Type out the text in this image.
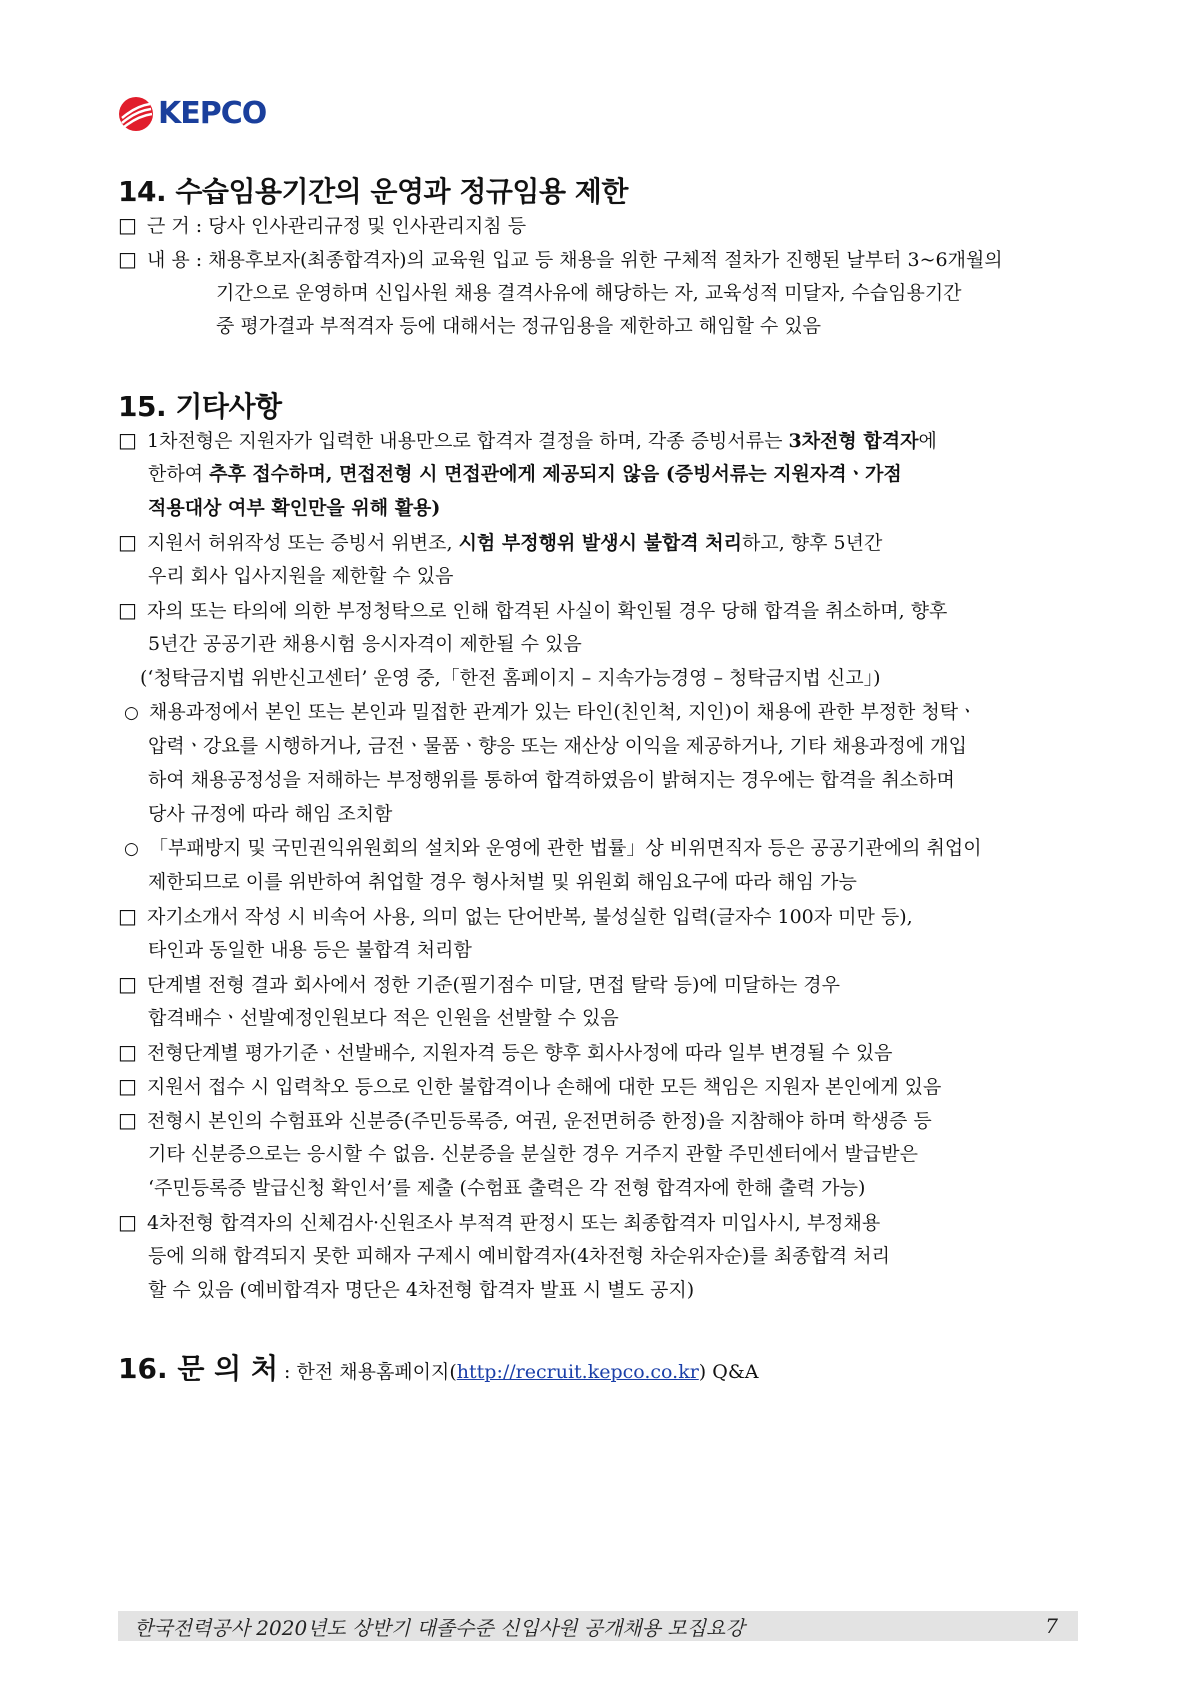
KEPCO
14. 수습임용기간의 운영과 정규임용 제한
□ 근 거 : 당사 인사관리규정 및 인사관리지침 등
□ 내 용 : 채용후보자(최종합격자)의 교육원 입교 등 채용을 위한 구체적 절차가 진행된 날부터 3~6개월의
기간으로 운영하며 신입사원 채용 결격사유에 해당하는 자, 교육성적 미달자, 수습임용기간
중 평가결과 부적격자 등에 대해서는 정규임용을 제한하고 해임할 수 있음
15. 기타사항
□ 1차전형은 지원자가 입력한 내용만으로 합격자 결정을 하며, 각종 증빙서류는 3차전형 합격자에
한하여 추후 접수하며, 면접전형 시 면접관에게 제공되지 않음 (증빙서류는 지원자격ㆍ가점
적용대상 여부 확인만을 위해 활용)
□ 지원서 허위작성 또는 증빙서 위변조, 시험 부정행위 발생시 불합격 처리하고, 향후 5년간
우리 회사 입사지원을 제한할 수 있음
□ 자의 또는 타의에 의한 부정청탁으로 인해 합격된 사실이 확인될 경우 당해 합격을 취소하며, 향후
5년간 공공기관 채용시험 응시자격이 제한될 수 있음
(‘청탁금지법 위반신고센터’ 운영 중,「한전 홈페이지 – 지속가능경영 – 청탁금지법 신고」)
○ 채용과정에서 본인 또는 본인과 밀접한 관계가 있는 타인(친인척, 지인)이 채용에 관한 부정한 청탁ㆍ
압력ㆍ강요를 시행하거나, 금전ㆍ물품ㆍ향응 또는 재산상 이익을 제공하거나, 기타 채용과정에 개입
하여 채용공정성을 저해하는 부정행위를 통하여 합격하였음이 밝혀지는 경우에는 합격을 취소하며
당사 규정에 따라 해임 조치함
○ 「부패방지 및 국민권익위원회의 설치와 운영에 관한 법률」상 비위면직자 등은 공공기관에의 취업이
제한되므로 이를 위반하여 취업할 경우 형사처벌 및 위원회 해임요구에 따라 해임 가능
□ 자기소개서 작성 시 비속어 사용, 의미 없는 단어반복, 불성실한 입력(글자수 100자 미만 등),
타인과 동일한 내용 등은 불합격 처리함
□ 단계별 전형 결과 회사에서 정한 기준(필기점수 미달, 면접 탈락 등)에 미달하는 경우
합격배수ㆍ선발예정인원보다 적은 인원을 선발할 수 있음
□ 전형단계별 평가기준ㆍ선발배수, 지원자격 등은 향후 회사사정에 따라 일부 변경될 수 있음
□ 지원서 접수 시 입력착오 등으로 인한 불합격이나 손해에 대한 모든 책임은 지원자 본인에게 있음
□ 전형시 본인의 수험표와 신분증(주민등록증, 여권, 운전면허증 한정)을 지참해야 하며 학생증 등
기타 신분증으로는 응시할 수 없음. 신분증을 분실한 경우 거주지 관할 주민센터에서 발급받은
‘주민등록증 발급신청 확인서’를 제출 (수험표 출력은 각 전형 합격자에 한해 출력 가능)
□ 4차전형 합격자의 신체검사·신원조사 부적격 판정시 또는 최종합격자 미입사시, 부정채용
등에 의해 합격되지 못한 피해자 구제시 예비합격자(4차전형 차순위자순)를 최종합격 처리
할 수 있음 (예비합격자 명단은 4차전형 합격자 발표 시 별도 공지)
16. 문 의 처 : 한전 채용홈페이지(http://recruit.kepco.co.kr) Q&A
한국전력공사 2020년도 상반기 대졸수준 신입사원 공개채용 모집요강	7
